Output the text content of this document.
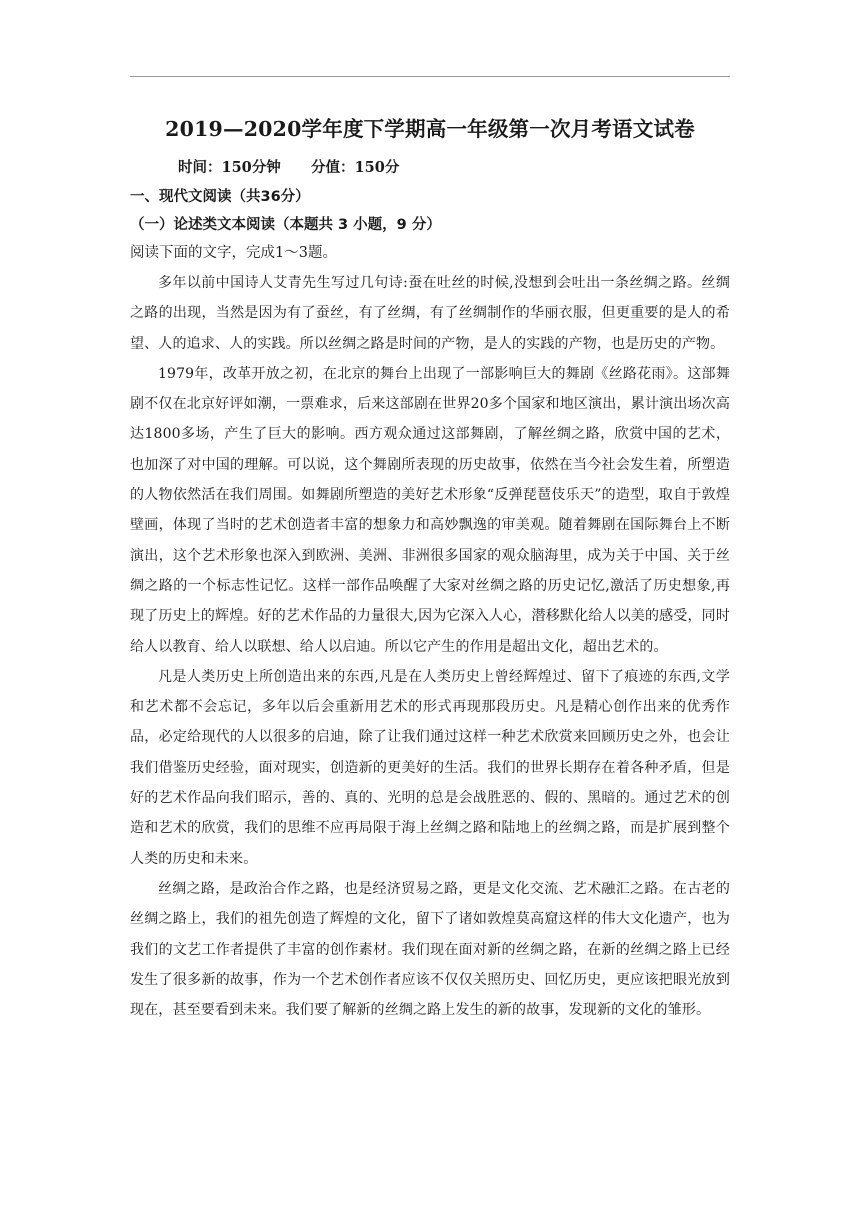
2019—2020学年度下学期高一年级第一次月考语文试卷
时间：150分钟      分值：150分
一、现代文阅读（共36分）
（一）论述类文本阅读（本题共 3 小题，9 分）
阅读下面的文字，完成1～3题。

多年以前中国诗人艾青先生写过几句诗:蚕在吐丝的时候,没想到会吐出一条丝绸之路。丝绸之路的出现，当然是因为有了蚕丝，有了丝绸，有了丝绸制作的华丽衣服，但更重要的是人的希望、人的追求、人的实践。所以丝绸之路是时间的产物，是人的实践的产物，也是历史的产物。

1979年，改革开放之初，在北京的舞台上出现了一部影响巨大的舞剧《丝路花雨》。这部舞剧不仅在北京好评如潮，一票难求，后来这部剧在世界20多个国家和地区演出，累计演出场次高达1800多场，产生了巨大的影响。西方观众通过这部舞剧，了解丝绸之路，欣赏中国的艺术，也加深了对中国的理解。可以说，这个舞剧所表现的历史故事，依然在当今社会发生着，所塑造的人物依然活在我们周围。如舞剧所塑造的美好艺术形象“反弹琵琶伎乐天”的造型，取自于敦煌壁画，体现了当时的艺术创造者丰富的想象力和高妙飘逸的审美观。随着舞剧在国际舞台上不断演出，这个艺术形象也深入到欧洲、美洲、非洲很多国家的观众脑海里，成为关于中国、关于丝绸之路的一个标志性记忆。这样一部作品唤醒了大家对丝绸之路的历史记忆,激活了历史想象,再现了历史上的辉煌。好的艺术作品的力量很大,因为它深入人心，潜移默化给人以美的感受，同时给人以教育、给人以联想、给人以启迪。所以它产生的作用是超出文化，超出艺术的。

凡是人类历史上所创造出来的东西,凡是在人类历史上曾经辉煌过、留下了痕迹的东西,文学和艺术都不会忘记，多年以后会重新用艺术的形式再现那段历史。凡是精心创作出来的优秀作品，必定给现代的人以很多的启迪，除了让我们通过这样一种艺术欣赏来回顾历史之外，也会让我们借鉴历史经验，面对现实，创造新的更美好的生活。我们的世界长期存在着各种矛盾，但是好的艺术作品向我们昭示，善的、真的、光明的总是会战胜恶的、假的、黑暗的。通过艺术的创造和艺术的欣赏，我们的思维不应再局限于海上丝绸之路和陆地上的丝绸之路，而是扩展到整个人类的历史和未来。

丝绸之路，是政治合作之路，也是经济贸易之路，更是文化交流、艺术融汇之路。在古老的丝绸之路上，我们的祖先创造了辉煌的文化，留下了诸如敦煌莫高窟这样的伟大文化遗产，也为我们的文艺工作者提供了丰富的创作素材。我们现在面对新的丝绸之路，在新的丝绸之路上已经发生了很多新的故事，作为一个艺术创作者应该不仅仅关照历史、回忆历史，更应该把眼光放到现在，甚至要看到未来。我们要了解新的丝绸之路上发生的新的故事，发现新的文化的雏形。
